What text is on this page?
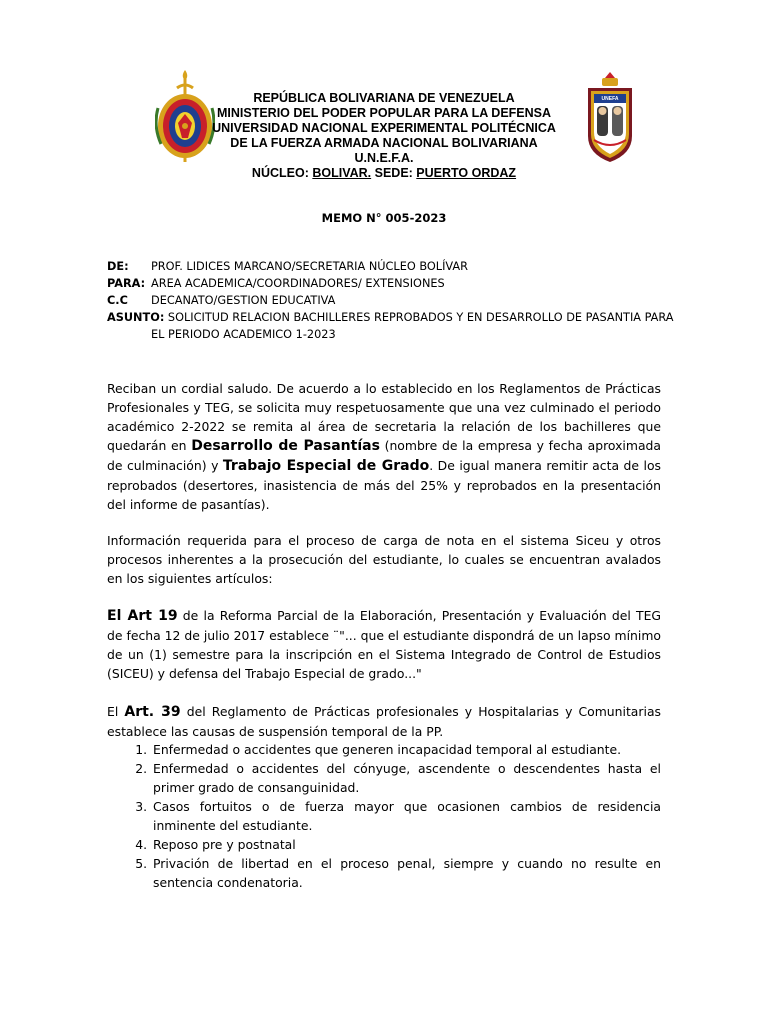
UNEFA
REPÚBLICA BOLIVARIANA DE VENEZUELA
MINISTERIO DEL PODER POPULAR PARA LA DEFENSA
UNIVERSIDAD NACIONAL EXPERIMENTAL POLITÉCNICA
DE LA FUERZA ARMADA NACIONAL BOLIVARIANA
U.N.E.F.A.
NÚCLEO: BOLIVAR. SEDE: PUERTO ORDAZ
MEMO N° 005-2023
DE:	PROF. LIDICES MARCANO/SECRETARIA NÚCLEO BOLÍVAR
PARA: AREA ACADEMICA/COORDINADORES/ EXTENSIONES
C.C	DECANATO/GESTION EDUCATIVA
ASUNTO: SOLICITUD RELACION BACHILLERES REPROBADOS Y EN DESARROLLO DE PASANTIA PARA
EL PERIODO ACADEMICO 1-2023
Reciban un cordial saludo. De acuerdo a lo establecido en los Reglamentos de Prácticas Profesionales y TEG, se solicita muy respetuosamente que una vez culminado el periodo académico 2-2022 se remita al área de secretaria la relación de los bachilleres que quedarán en Desarrollo de Pasantías (nombre de la empresa y fecha aproximada de culminación) y Trabajo Especial de Grado. De igual manera remitir acta de los reprobados (desertores, inasistencia de más del 25% y reprobados en la presentación del informe de pasantías).
Información requerida para el proceso de carga de nota en el sistema Siceu y otros procesos inherentes a la prosecución del estudiante, lo cuales se encuentran avalados en los siguientes artículos:
El Art 19 de la Reforma Parcial de la Elaboración, Presentación y Evaluación del TEG de fecha 12 de julio 2017 establece ¨"... que el estudiante dispondrá de un lapso mínimo de un (1) semestre para la inscripción en el Sistema Integrado de Control de Estudios (SICEU) y defensa del Trabajo Especial de grado..."
El Art. 39 del Reglamento de Prácticas profesionales y Hospitalarias y Comunitarias establece las causas de suspensión temporal de la PP.
1. Enfermedad o accidentes que generen incapacidad temporal al estudiante.
2. Enfermedad o accidentes del cónyuge, ascendente o descendentes hasta el primer grado de consanguinidad.
3. Casos fortuitos o de fuerza mayor que ocasionen cambios de residencia inminente del estudiante.
4. Reposo pre y postnatal
5. Privación de libertad en el proceso penal, siempre y cuando no resulte en sentencia condenatoria.
